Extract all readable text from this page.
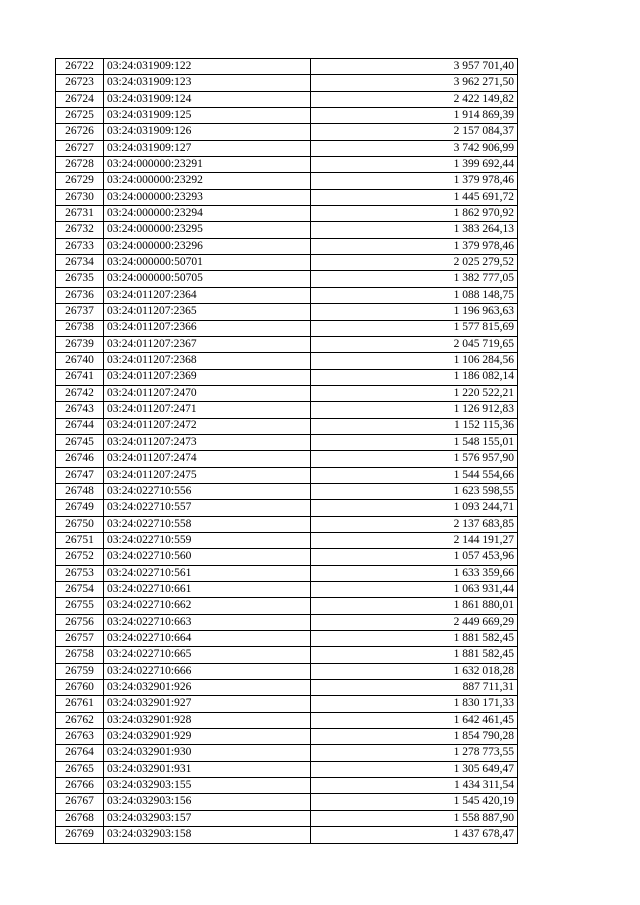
26722	03:24:031909:122	3 957 701,40
26723	03:24:031909:123	3 962 271,50
26724	03:24:031909:124	2 422 149,82
26725	03:24:031909:125	1 914 869,39
26726	03:24:031909:126	2 157 084,37
26727	03:24:031909:127	3 742 906,99
26728	03:24:000000:23291	1 399 692,44
26729	03:24:000000:23292	1 379 978,46
26730	03:24:000000:23293	1 445 691,72
26731	03:24:000000:23294	1 862 970,92
26732	03:24:000000:23295	1 383 264,13
26733	03:24:000000:23296	1 379 978,46
26734	03:24:000000:50701	2 025 279,52
26735	03:24:000000:50705	1 382 777,05
26736	03:24:011207:2364	1 088 148,75
26737	03:24:011207:2365	1 196 963,63
26738	03:24:011207:2366	1 577 815,69
26739	03:24:011207:2367	2 045 719,65
26740	03:24:011207:2368	1 106 284,56
26741	03:24:011207:2369	1 186 082,14
26742	03:24:011207:2470	1 220 522,21
26743	03:24:011207:2471	1 126 912,83
26744	03:24:011207:2472	1 152 115,36
26745	03:24:011207:2473	1 548 155,01
26746	03:24:011207:2474	1 576 957,90
26747	03:24:011207:2475	1 544 554,66
26748	03:24:022710:556	1 623 598,55
26749	03:24:022710:557	1 093 244,71
26750	03:24:022710:558	2 137 683,85
26751	03:24:022710:559	2 144 191,27
26752	03:24:022710:560	1 057 453,96
26753	03:24:022710:561	1 633 359,66
26754	03:24:022710:661	1 063 931,44
26755	03:24:022710:662	1 861 880,01
26756	03:24:022710:663	2 449 669,29
26757	03:24:022710:664	1 881 582,45
26758	03:24:022710:665	1 881 582,45
26759	03:24:022710:666	1 632 018,28
26760	03:24:032901:926	887 711,31
26761	03:24:032901:927	1 830 171,33
26762	03:24:032901:928	1 642 461,45
26763	03:24:032901:929	1 854 790,28
26764	03:24:032901:930	1 278 773,55
26765	03:24:032901:931	1 305 649,47
26766	03:24:032903:155	1 434 311,54
26767	03:24:032903:156	1 545 420,19
26768	03:24:032903:157	1 558 887,90
26769	03:24:032903:158	1 437 678,47
